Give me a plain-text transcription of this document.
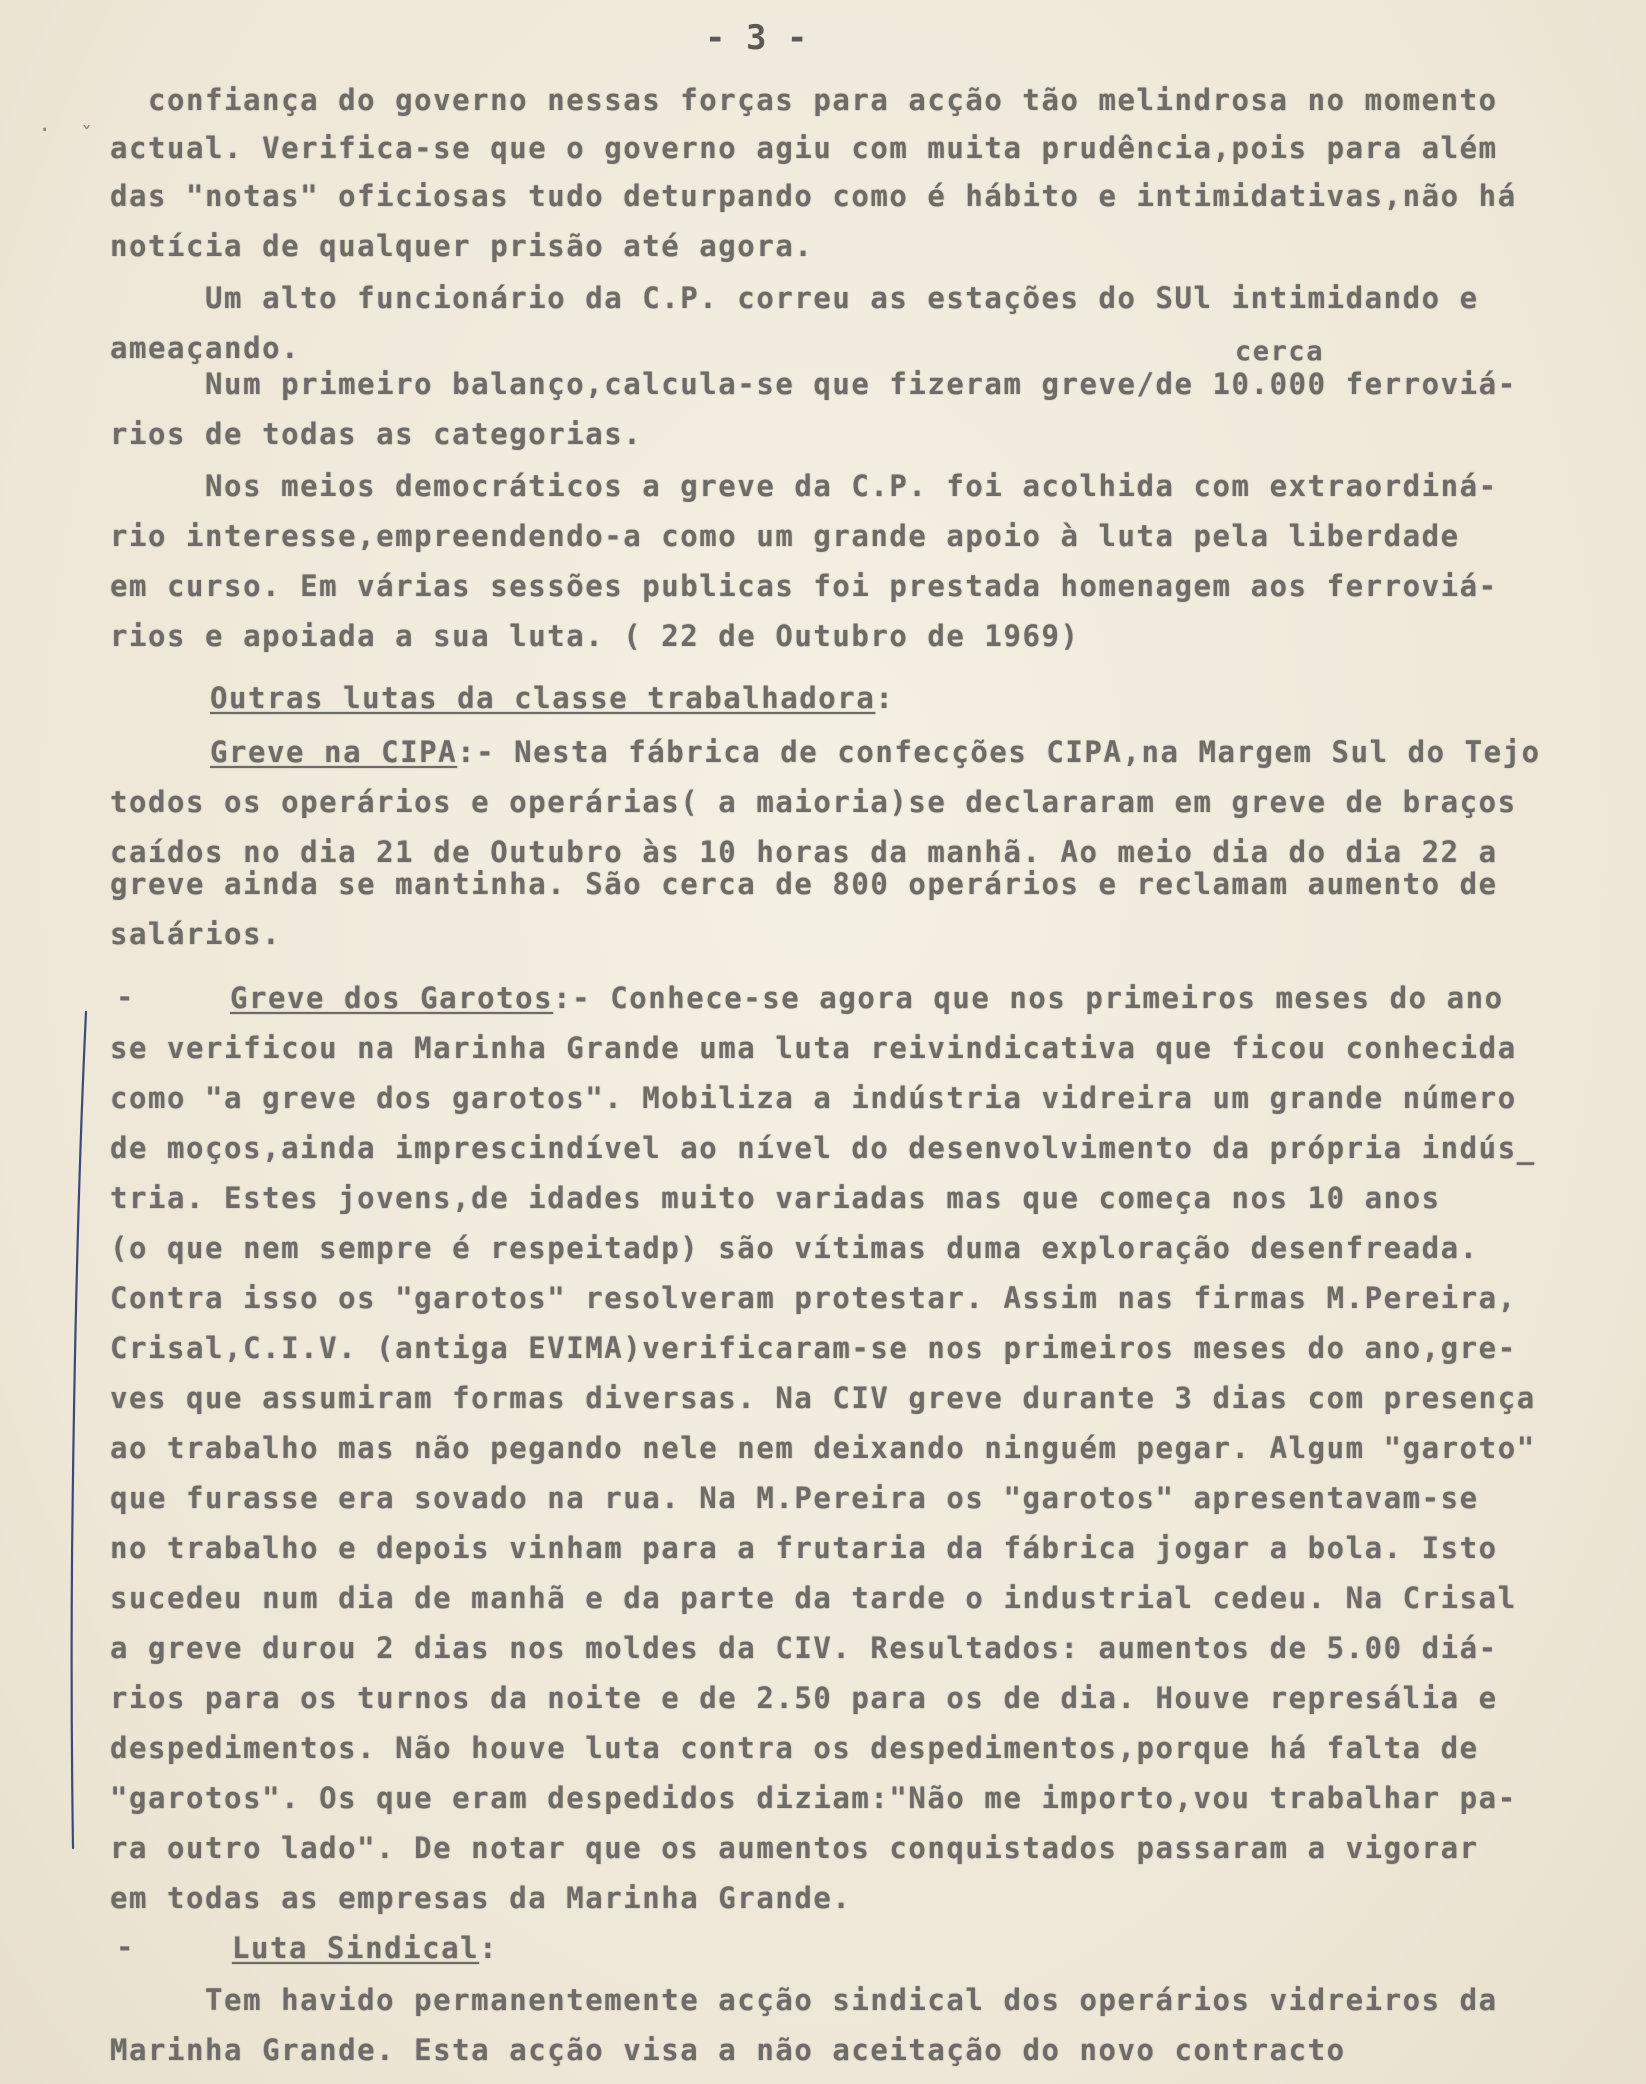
- 3 -
· ˇ
confiança do governo nessas forças para acção tão melindrosa no momento
actual. Verifica-se que o governo agiu com muita prudência,pois para além
das "notas" oficiosas tudo deturpando como é hábito e intimidativas,não há
notícia de qualquer prisão até agora.
Um alto funcionário da C.P. correu as estações do SUl intimidando e
ameaçando.	cerca
Num primeiro balanço,calcula-se que fizeram greve/de 10.000 ferroviá-
rios de todas as categorias.
Nos meios democráticos a greve da C.P. foi acolhida com extraordiná-
rio interesse,empreendendo-a como um grande apoio à luta pela liberdade
em curso. Em várias sessões publicas foi prestada homenagem aos ferroviá-
rios e apoiada a sua luta. ( 22 de Outubro de 1969)
Outras lutas da classe trabalhadora:
Greve na CIPA:- Nesta fábrica de confecções CIPA,na Margem Sul do Tejo
todos os operários e operárias( a maioria)se declararam em greve de braços
caídos no dia 21 de Outubro às 10 horas da manhã. Ao meio dia do dia 22 a
greve ainda se mantinha. São cerca de 800 operários e reclamam aumento de
salários.
-	Greve dos Garotos:- Conhece-se agora que nos primeiros meses do ano
se verificou na Marinha Grande uma luta reivindicativa que ficou conhecida
como "a greve dos garotos". Mobiliza a indústria vidreira um grande número
de moços,ainda imprescindível ao nível do desenvolvimento da própria indús_
tria. Estes jovens,de idades muito variadas mas que começa nos 10 anos
(o que nem sempre é respeitadp) são vítimas duma exploração desenfreada.
Contra isso os "garotos" resolveram protestar. Assim nas firmas M.Pereira,
Crisal,C.I.V. (antiga EVIMA)verificaram-se nos primeiros meses do ano,gre-
ves que assumiram formas diversas. Na CIV greve durante 3 dias com presença
ao trabalho mas não pegando nele nem deixando ninguém pegar. Algum "garoto"
que furasse era sovado na rua. Na M.Pereira os "garotos" apresentavam-se
no trabalho e depois vinham para a frutaria da fábrica jogar a bola. Isto
sucedeu num dia de manhã e da parte da tarde o industrial cedeu. Na Crisal
a greve durou 2 dias nos moldes da CIV. Resultados: aumentos de 5.00 diá-
rios para os turnos da noite e de 2.50 para os de dia. Houve represália e
despedimentos. Não houve luta contra os despedimentos,porque há falta de
"garotos". Os que eram despedidos diziam:"Não me importo,vou trabalhar pa-
ra outro lado". De notar que os aumentos conquistados passaram a vigorar
em todas as empresas da Marinha Grande.
-	Luta Sindical:
Tem havido permanentemente acção sindical dos operários vidreiros da
Marinha Grande. Esta acção visa a não aceitação do novo contracto
